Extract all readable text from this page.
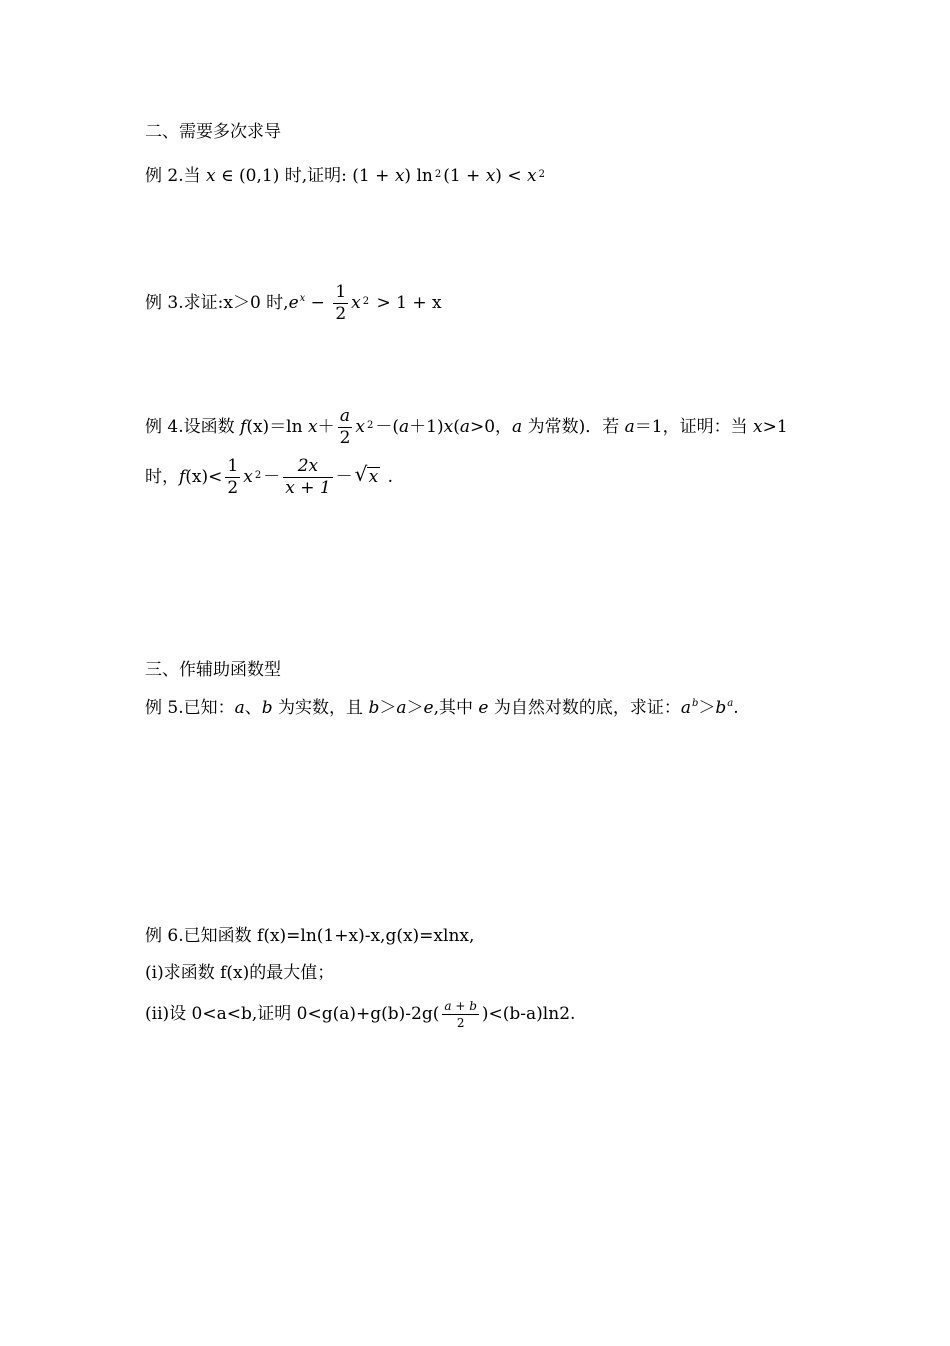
二、需要多次求导
例 2.当 x ∈ (0,1) 时,证明: (1 + x) ln $^2$ (1 + x) < x $^2$
例 3.求证:x＞0 时$,e^x - \frac{1}{2}$ x $^2$ > 1 + x
例 4.设函数 f(x)＝ln $x+ \frac{a}{2}$ x $^2$ －(a＋1)x(a>0，a 为常数)．若 a＝1，证明：当 x>1
时，$f(x)< \frac{1}{2}$ x $^2 - \frac{2x}{x + 1}$ － √ x .
三、作辅助函数型
例 5.已知：a、b 为实数，且 b＞a＞e,其中 e 为自然对数的底，求证：$a^b>b^a$.
例 6.已知函数 f(x)=ln(1+x)-x,g(x)=xlnx,
(i)求函数 f(x)的最大值；
(ii)设 0<a<b,证明 $0<g(a)+g(b)-2g( \frac{a + b}{2} )<(b-a)\ln 2$.
